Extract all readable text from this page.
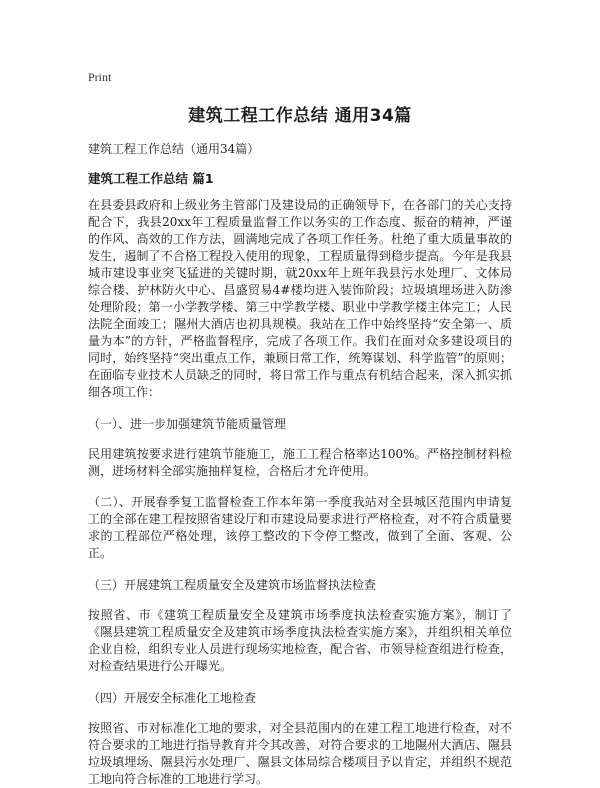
Print
建筑工程工作总结 通用34篇

建筑工程工作总结（通用34篇）

建筑工程工作总结 篇1

在县委县政府和上级业务主管部门及建设局的正确领导下，在各部门的关心支持配合下，我县20xx年工程质量监督工作以务实的工作态度、振奋的精神，严谨的作风、高效的工作方法，圆满地完成了各项工作任务。杜绝了重大质量事故的发生，遏制了不合格工程投入使用的现象，工程质量得到稳步提高。今年是我县城市建设事业突飞猛进的关键时期，就20xx年上班年我县污水处理厂、文体局综合楼、护林防火中心、昌盛贸易4#楼均进入装饰阶段；垃圾填埋场进入防渗处理阶段；第一小学教学楼、第三中学教学楼、职业中学教学楼主体完工；人民法院全面竣工；隰州大酒店也初具规模。我站在工作中始终坚持“安全第一、质量为本”的方针，严格监督程序，完成了各项工作。我们在面对众多建设项目的同时，始终坚持“突出重点工作，兼顾日常工作，统筹谋划、科学监管”的原则；在面临专业技术人员缺乏的同时，将日常工作与重点有机结合起来，深入抓实抓细各项工作：

（一）、进一步加强建筑节能质量管理

民用建筑按要求进行建筑节能施工，施工工程合格率达100%。严格控制材料检测，进场材料全部实施抽样复检，合格后才允许使用。

（二）、开展春季复工监督检查工作本年第一季度我站对全县城区范围内申请复工的全部在建工程按照省建设厅和市建设局要求进行严格检查，对不符合质量要求的工程部位严格处理，该停工整改的下令停工整改，做到了全面、客观、公正。

（三）开展建筑工程质量安全及建筑市场监督执法检查

按照省、市《建筑工程质量安全及建筑市场季度执法检查实施方案》，制订了《隰县建筑工程质量安全及建筑市场季度执法检查实施方案》，并组织相关单位企业自检，组织专业人员进行现场实地检查，配合省、市领导检查组进行检查，对检查结果进行公开曝光。

（四）开展安全标准化工地检查

按照省、市对标准化工地的要求，对全县范围内的在建工程工地进行检查，对不符合要求的工地进行指导教育并令其改善，对符合要求的工地隰州大酒店、隰县垃圾填埋场、隰县污水处理厂、隰县文体局综合楼项目予以肯定，并组织不规范工地向符合标准的工地进行学习。
